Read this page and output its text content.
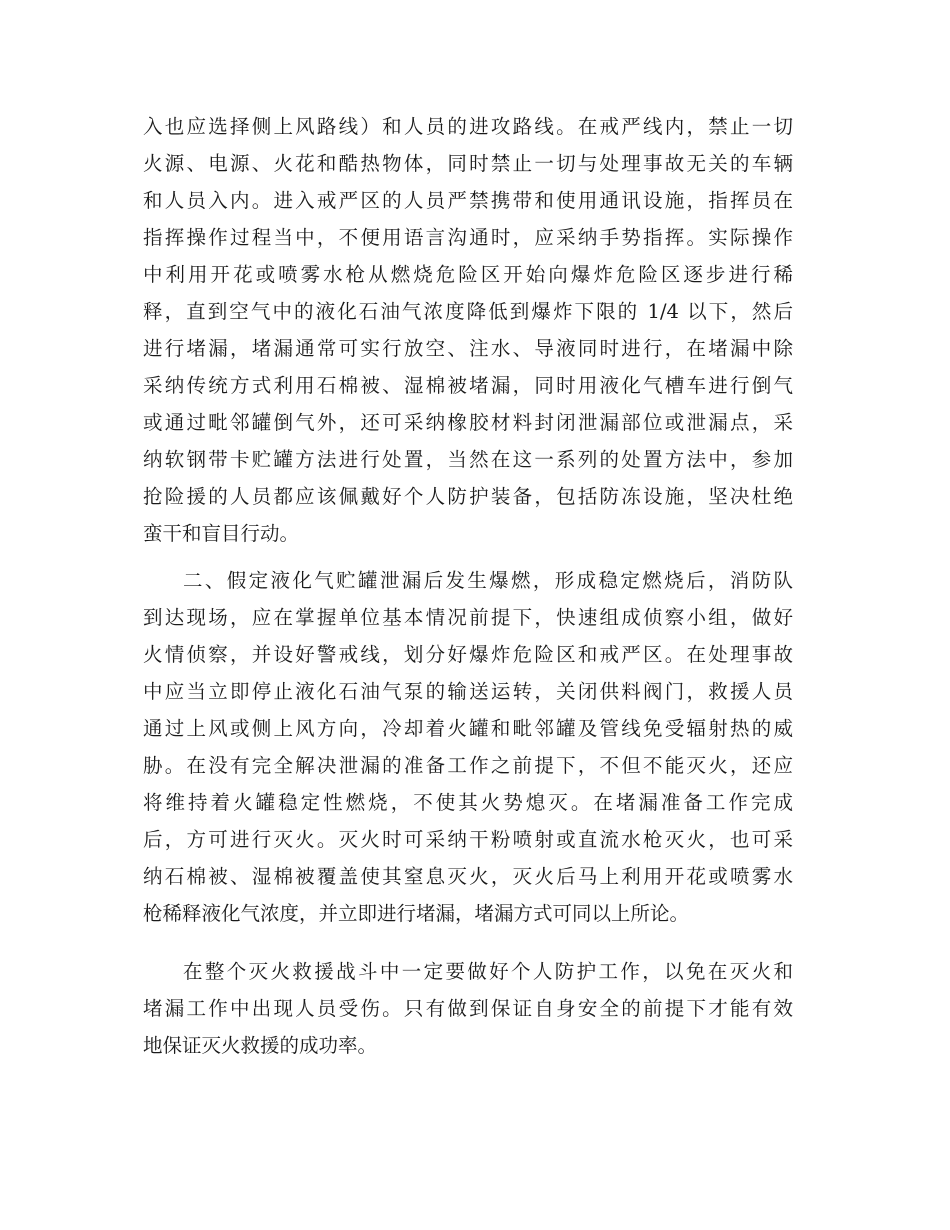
入也应选择侧上风路线）和人员的进攻路线。在戒严线内，禁止一切
火源、电源、火花和酷热物体，同时禁止一切与处理事故无关的车辆
和人员入内。进入戒严区的人员严禁携带和使用通讯设施，指挥员在
指挥操作过程当中，不便用语言沟通时，应采纳手势指挥。实际操作
中利用开花或喷雾水枪从燃烧危险区开始向爆炸危险区逐步进行稀
释，直到空气中的液化石油气浓度降低到爆炸下限的 1/4 以下，然后
进行堵漏，堵漏通常可实行放空、注水、导液同时进行，在堵漏中除
采纳传统方式利用石棉被、湿棉被堵漏，同时用液化气槽车进行倒气
或通过毗邻罐倒气外，还可采纳橡胶材料封闭泄漏部位或泄漏点，采
纳软钢带卡贮罐方法进行处置，当然在这一系列的处置方法中，参加
抢险援的人员都应该佩戴好个人防护装备，包括防冻设施，坚决杜绝
蛮干和盲目行动。
二、假定液化气贮罐泄漏后发生爆燃，形成稳定燃烧后，消防队
到达现场，应在掌握单位基本情况前提下，快速组成侦察小组，做好
火情侦察，并设好警戒线，划分好爆炸危险区和戒严区。在处理事故
中应当立即停止液化石油气泵的输送运转，关闭供料阀门，救援人员
通过上风或侧上风方向，冷却着火罐和毗邻罐及管线免受辐射热的威
胁。在没有完全解决泄漏的准备工作之前提下，不但不能灭火，还应
将维持着火罐稳定性燃烧，不使其火势熄灭。在堵漏准备工作完成
后，方可进行灭火。灭火时可采纳干粉喷射或直流水枪灭火，也可采
纳石棉被、湿棉被覆盖使其窒息灭火，灭火后马上利用开花或喷雾水
枪稀释液化气浓度，并立即进行堵漏，堵漏方式可同以上所论。
在整个灭火救援战斗中一定要做好个人防护工作，以免在灭火和
堵漏工作中出现人员受伤。只有做到保证自身安全的前提下才能有效
地保证灭火救援的成功率。
